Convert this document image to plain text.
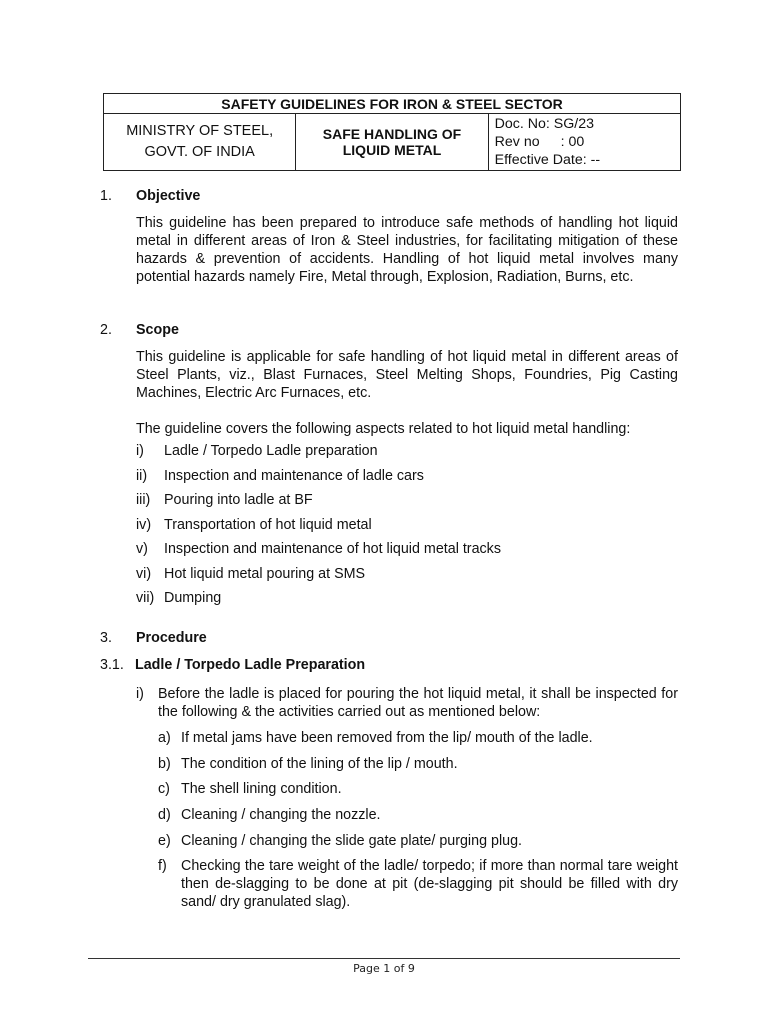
SAFETY GUIDELINES FOR IRON & STEEL SECTOR

MINISTRY OF STEEL,
GOVT. OF INDIA

SAFE HANDLING OF
LIQUID METAL

Doc. No: SG/23
Rev no : 00
Effective Date: --
1. Objective
This guideline has been prepared to introduce safe methods of handling hot liquid metal in different areas of Iron & Steel industries, for facilitating mitigation of these hazards & prevention of accidents. Handling of hot liquid metal involves many potential hazards namely Fire, Metal through, Explosion, Radiation, Burns, etc.
2. Scope
This guideline is applicable for safe handling of hot liquid metal in different areas of Steel Plants, viz., Blast Furnaces, Steel Melting Shops, Foundries, Pig Casting Machines, Electric Arc Furnaces, etc.
The guideline covers the following aspects related to hot liquid metal handling:
i) Ladle / Torpedo Ladle preparation
ii) Inspection and maintenance of ladle cars
iii) Pouring into ladle at BF
iv) Transportation of hot liquid metal
v) Inspection and maintenance of hot liquid metal tracks
vi) Hot liquid metal pouring at SMS
vii) Dumping
3. Procedure
3.1. Ladle / Torpedo Ladle Preparation
i) Before the ladle is placed for pouring the hot liquid metal, it shall be inspected for the following & the activities carried out as mentioned below:
a) If metal jams have been removed from the lip/ mouth of the ladle.
b) The condition of the lining of the lip / mouth.
c) The shell lining condition.
d) Cleaning / changing the nozzle.
e) Cleaning / changing the slide gate plate/ purging plug.
f) Checking the tare weight of the ladle/ torpedo; if more than normal tare weight then de-slagging to be done at pit (de-slagging pit should be filled with dry sand/ dry granulated slag).
Page 1 of 9
